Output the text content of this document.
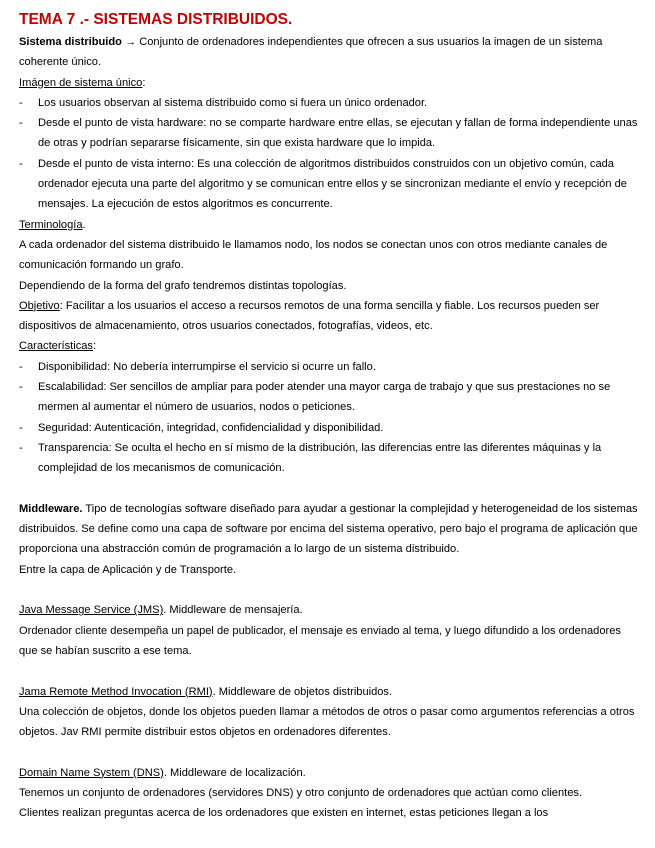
TEMA 7 .- SISTEMAS DISTRIBUIDOS.

Sistema distribuido → Conjunto de ordenadores independientes que ofrecen a sus usuarios la imagen de un sistema coherente único.

Imágen de sistema único:

- Los usuarios observan al sistema distribuido como si fuera un único ordenador.
- Desde el punto de vista hardware: no se comparte hardware entre ellas, se ejecutan y fallan de forma independiente unas de otras y podrían separarse físicamente, sin que exista hardware que lo impida.
- Desde el punto de vista interno: Es una colección de algoritmos distribuidos construidos con un objetivo común, cada ordenador ejecuta una parte del algoritmo y se comunican entre ellos y se sincronizan mediante el envío y recepción de mensajes. La ejecución de estos algoritmos es concurrente.

Terminología.

A cada ordenador del sistema distribuido le llamamos nodo, los nodos se conectan unos con otros mediante canales de comunicación formando un grafo.

Dependiendo de la forma del grafo tendremos distintas topologías.

Objetivo: Facilitar a los usuarios el acceso a recursos remotos de una forma sencilla y fiable. Los recursos pueden ser dispositivos de almacenamiento, otros usuarios conectados, fotografías, videos, etc.

Características:

- Disponibilidad: No debería interrumpirse el servicio si ocurre un fallo.
- Escalabilidad: Ser sencillos de ampliar para poder atender una mayor carga de trabajo y que sus prestaciones no se mermen al aumentar el número de usuarios, nodos o peticiones.
- Seguridad: Autenticación, integridad, confidencialidad y disponibilidad.
- Transparencia: Se oculta el hecho en sí mismo de la distribución, las diferencias entre las diferentes máquinas y la complejidad de los mecanismos de comunicación.

Middleware. Tipo de tecnologías software diseñado para ayudar a gestionar la complejidad y heterogeneidad de los sistemas distribuidos. Se define como una capa de software por encima del sistema operativo, pero bajo el programa de aplicación que proporciona una abstracción común de programación a lo largo de un sistema distribuido.

Entre la capa de Aplicación y de Transporte.

Java Message Service (JMS). Middleware de mensajería.

Ordenador cliente desempeña un papel de publicador, el mensaje es enviado al tema, y luego difundido a los ordenadores que se habían suscrito a ese tema.

Jama Remote Method Invocation (RMI). Middleware de objetos distribuidos.

Una colección de objetos, donde los objetos pueden llamar a métodos de otros o pasar como argumentos referencias a otros objetos. Jav RMI permite distribuir estos objetos en ordenadores diferentes.

Domain Name System (DNS). Middleware de localización.

Tenemos un conjunto de ordenadores (servidores DNS) y otro conjunto de ordenadores que actúan como clientes.

Clientes realizan preguntas acerca de los ordenadores que existen en internet, estas peticiones llegan a los
